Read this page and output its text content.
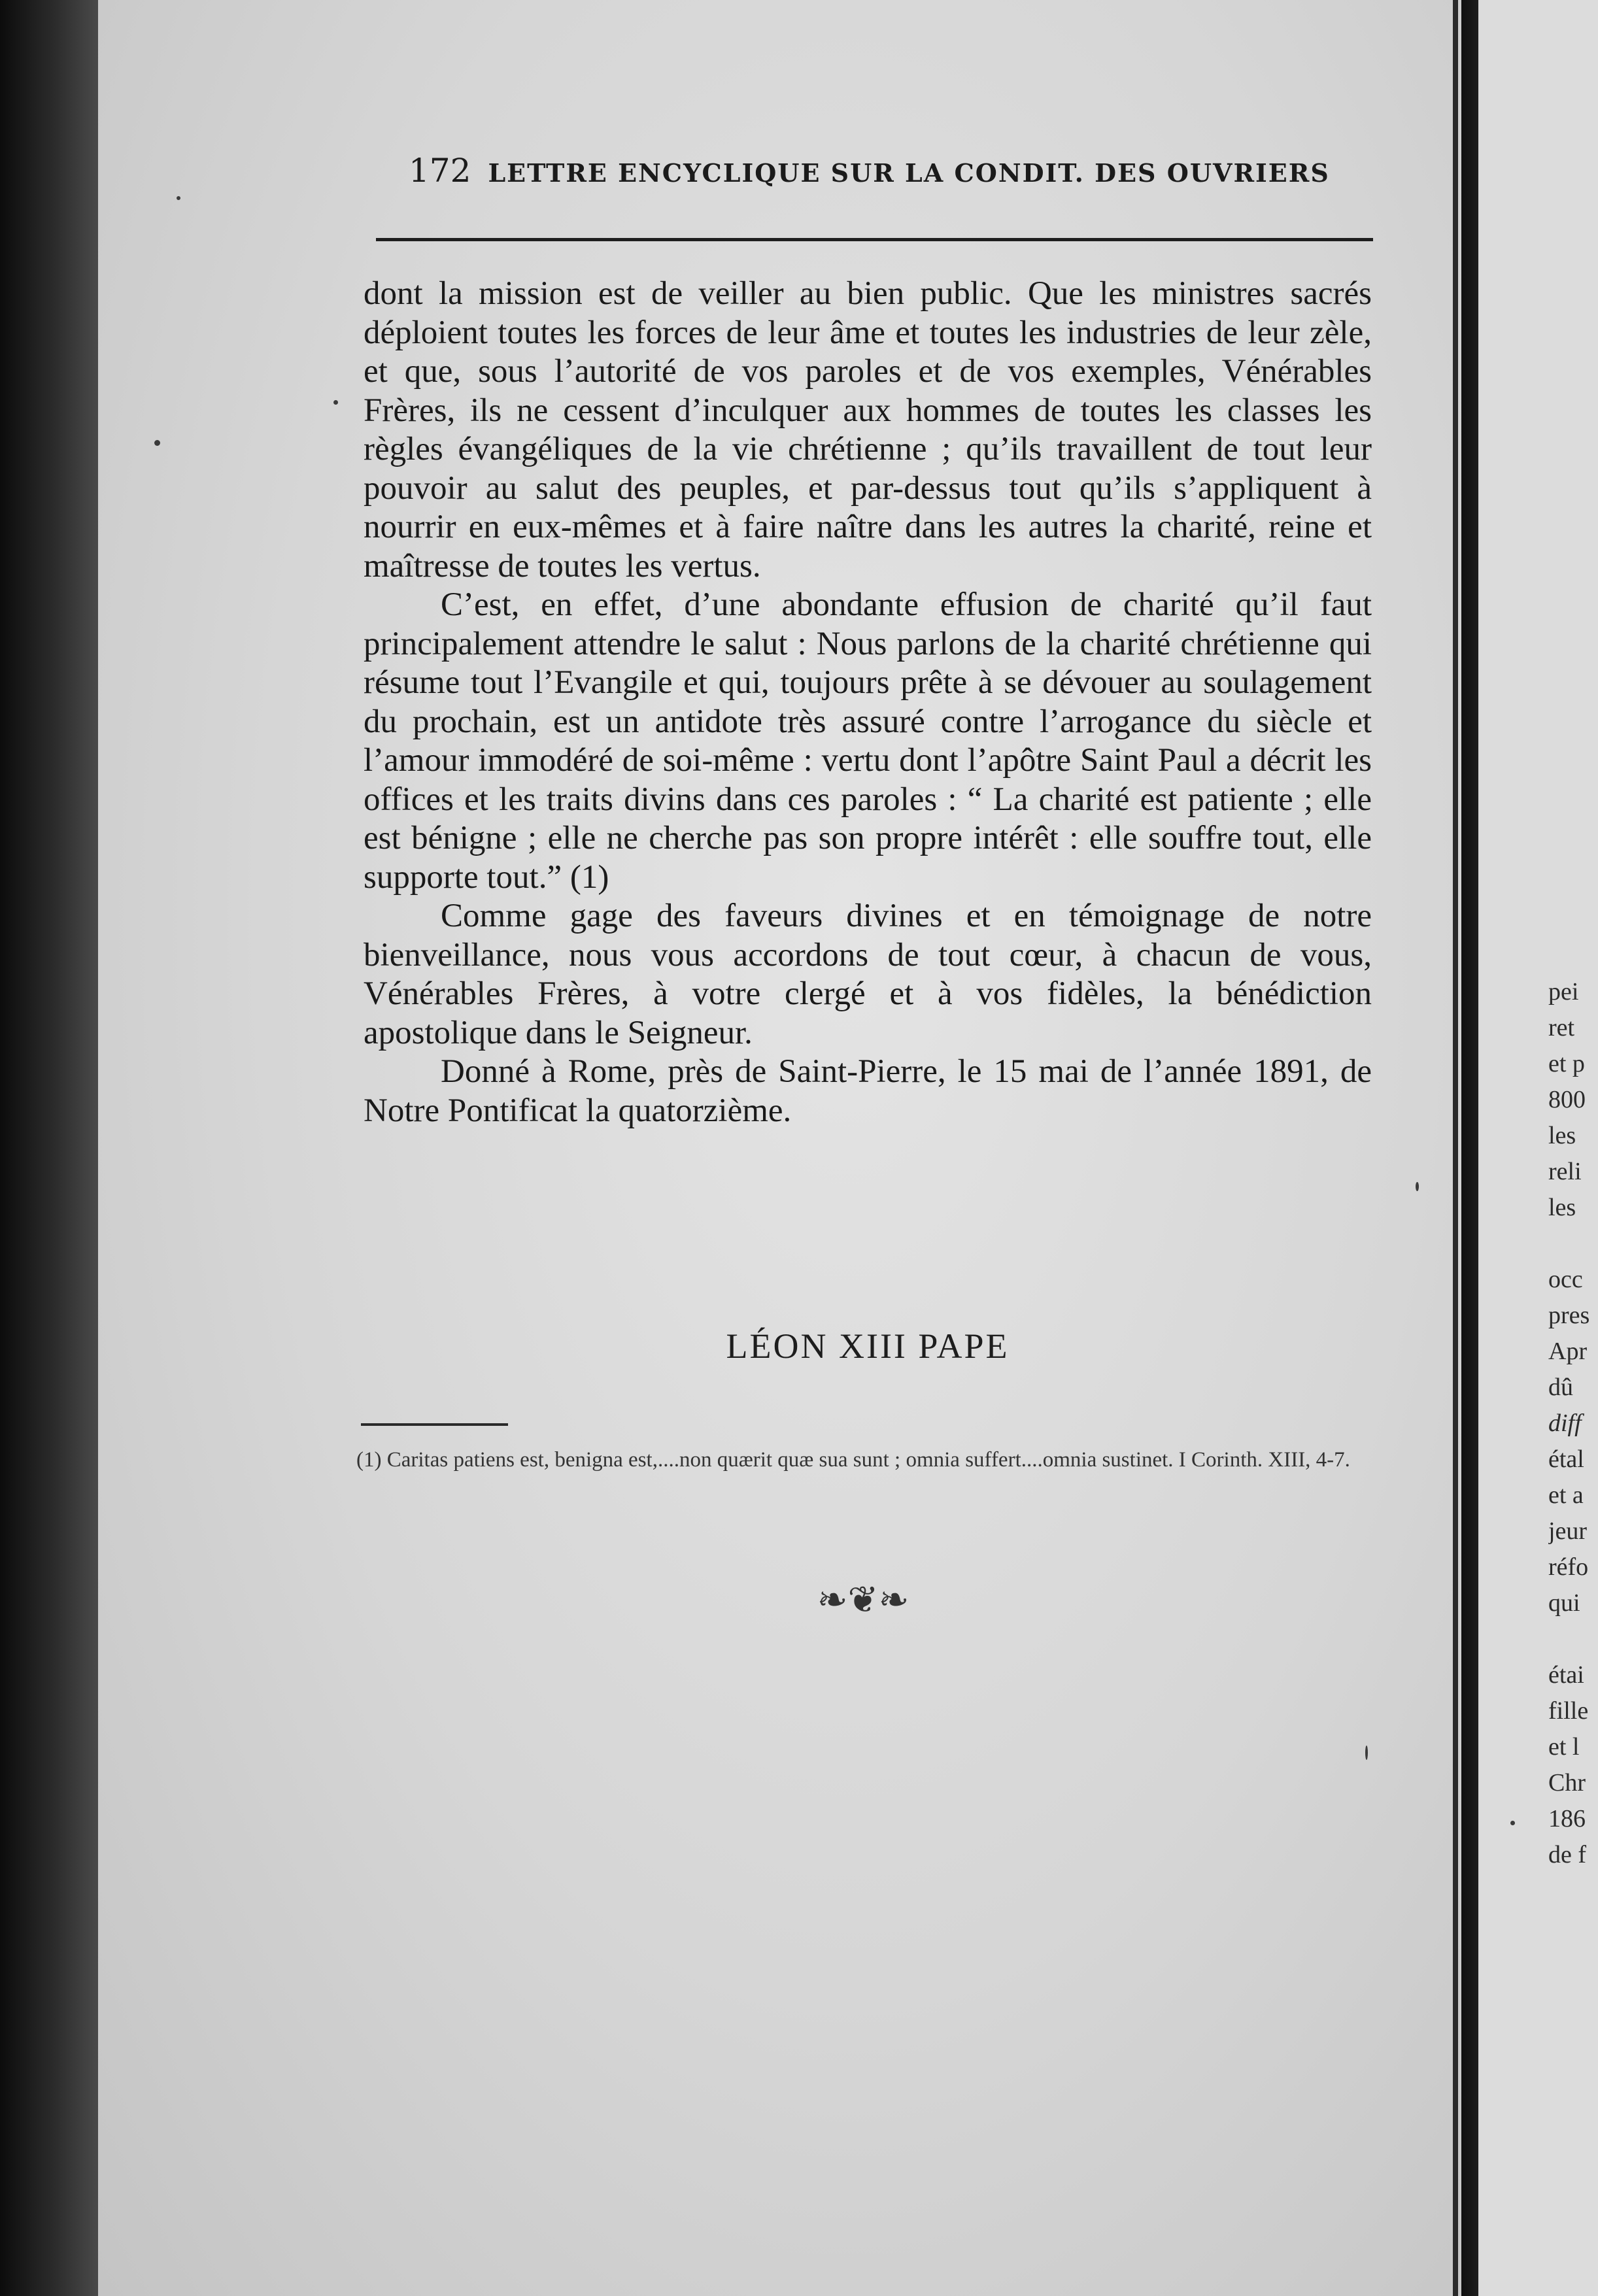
172 LETTRE ENCYCLIQUE SUR LA CONDIT. DES OUVRIERS

dont la mission est de veiller au bien public. Que les ministres sacrés déploient toutes les forces de leur âme et toutes les industries de leur zèle, et que, sous l’autorité de vos paroles et de vos exemples, Vénérables Frères, ils ne cessent d’inculquer aux hommes de toutes les classes les règles évangéliques de la vie chrétienne ; qu’ils travaillent de tout leur pouvoir au salut des peuples, et par-dessus tout qu’ils s’appliquent à nourrir en eux-mêmes et à faire naître dans les autres la charité, reine et maîtresse de toutes les vertus.

C’est, en effet, d’une abondante effusion de charité qu’il faut principalement attendre le salut : Nous parlons de la charité chrétienne qui résume tout l’Evangile et qui, toujours prête à se dévouer au soulagement du prochain, est un antidote très assuré contre l’arrogance du siècle et l’amour immodéré de soi-même : vertu dont l’apôtre Saint Paul a décrit les offices et les traits divins dans ces paroles : “ La charité est patiente ; elle est bénigne ; elle ne cherche pas son propre intérêt : elle souffre tout, elle supporte tout.” (1)

Comme gage des faveurs divines et en témoignage de notre bienveillance, nous vous accordons de tout cœur, à chacun de vous, Vénérables Frères, à votre clergé et à vos fidèles, la bénédiction apostolique dans le Seigneur.

Donné à Rome, près de Saint-Pierre, le 15 mai de l’année 1891, de Notre Pontificat la quatorzième.

LÉON XIII PAPE
(1) Caritas patiens est, benigna est,....non quærit quæ sua sunt ; omnia suffert....omnia sustinet. I Corinth. XIII, 4-7.
❧❦❧
pei
ret
et p
800
les
reli
les
occ
pres
Apr
dû
diff
étal
et a
jeur
réfo
qui
étai
fille
et l
Chr
186
de f
